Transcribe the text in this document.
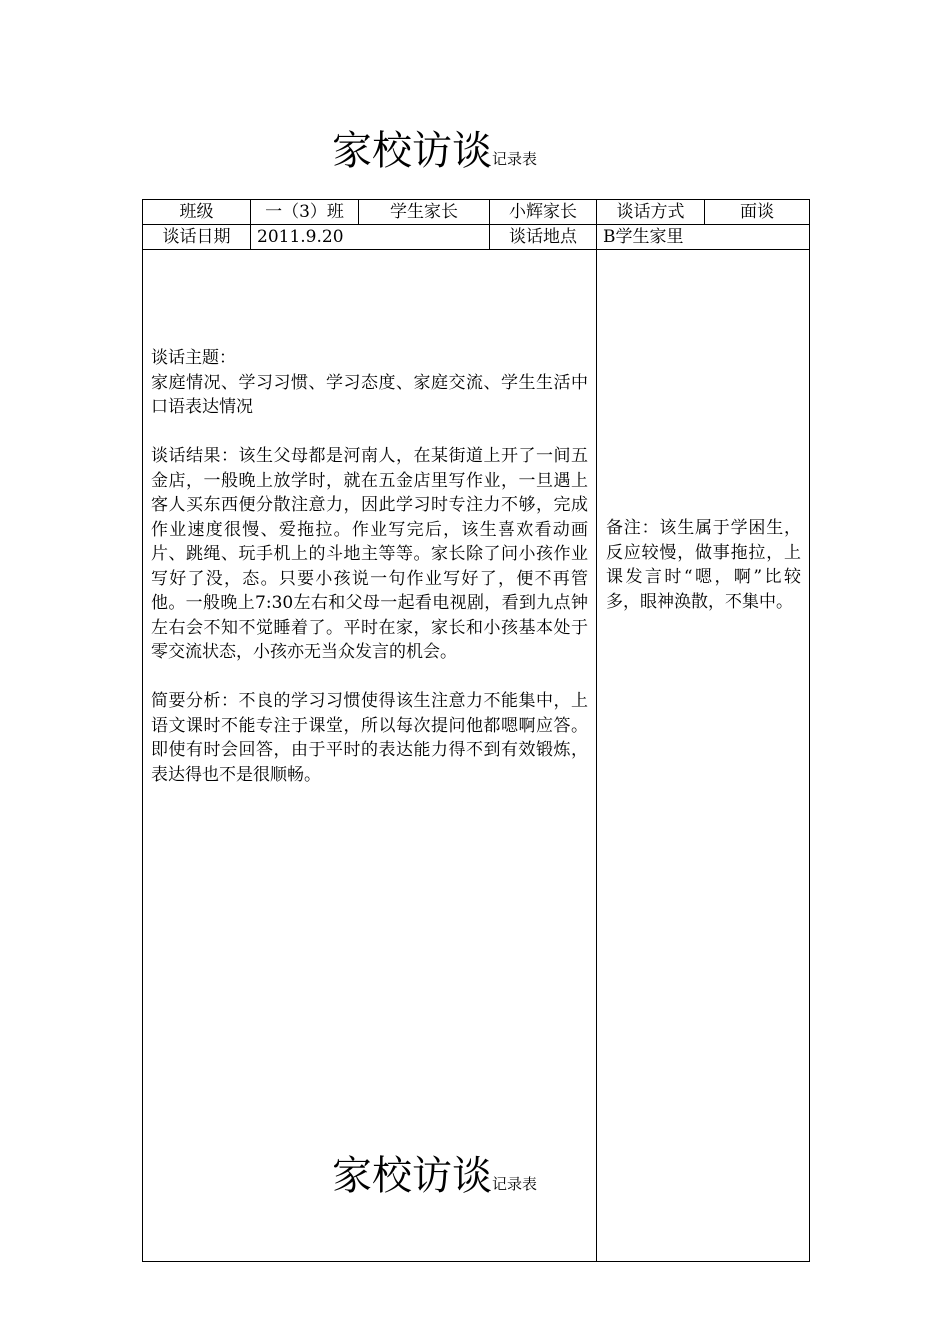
家校访谈记录表
班级	一（3）班	学生家长	小辉家长	谈话方式	面谈
谈话日期	2011.9.20		谈话地点	B学生家里	

谈话主题：

家庭情况、学习习惯、学习态度、家庭交流、学生生活中口语表达情况

谈话结果：该生父母都是河南人，在某街道上开了一间五金店，一般晚上放学时，就在五金店里写作业，一旦遇上客人买东西便分散注意力，因此学习时专注力不够，完成作业速度很慢、爱拖拉。作业写完后，该生喜欢看动画片、跳绳、玩手机上的斗地主等等。家长除了问小孩作业写好了没，态。只要小孩说一句作业写好了，便不再管他。一般晚上7:30左右和父母一起看电视剧，看到九点钟左右会不知不觉睡着了。平时在家，家长和小孩基本处于零交流状态，小孩亦无当众发言的机会。

简要分析：不良的学习习惯使得该生注意力不能集中，上语文课时不能专注于课堂，所以每次提问他都嗯啊应答。即使有时会回答，由于平时的表达能力得不到有效锻炼，表达得也不是很顺畅。				备注：该生属于学困生，反应较慢，做事拖拉，上课发言时“嗯，啊”比较多，眼神涣散，不集中。	

家校访谈记录表
